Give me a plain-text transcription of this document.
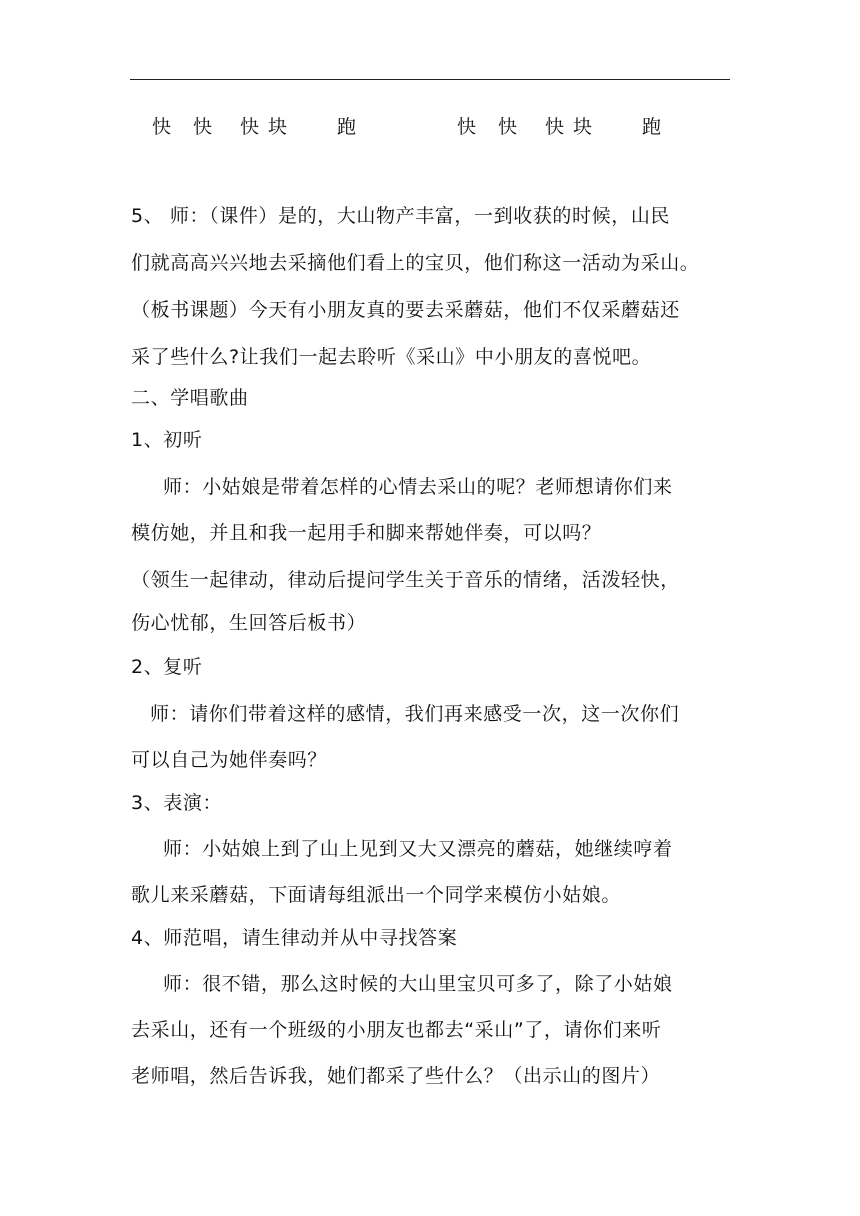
快

快

快

块

	跑

	快

快

快

块

	跑

5、 师：（课件）是的，大山物产丰富，一到收获的时候，山民
们就高高兴兴地去采摘他们看上的宝贝，他们称这一活动为采山。
（板书课题）今天有小朋友真的要去采蘑菇，他们不仅采蘑菇还
采了些什么?让我们一起去聆听《采山》中小朋友的喜悦吧。
二、学唱歌曲
1、初听
师：小姑娘是带着怎样的心情去采山的呢？老师想请你们来
模仿她，并且和我一起用手和脚来帮她伴奏，可以吗？
（领生一起律动，律动后提问学生关于音乐的情绪，活泼轻快，
伤心忧郁，生回答后板书）
2、复听
师：请你们带着这样的感情，我们再来感受一次，这一次你们
可以自己为她伴奏吗？
3、表演：
师：小姑娘上到了山上见到又大又漂亮的蘑菇，她继续哼着
歌儿来采蘑菇，下面请每组派出一个同学来模仿小姑娘。
4、师范唱，请生律动并从中寻找答案
师：很不错，那么这时候的大山里宝贝可多了，除了小姑娘
去采山，还有一个班级的小朋友也都去“采山”了，请你们来听
老师唱，然后告诉我，她们都采了些什么？（出示山的图片）
